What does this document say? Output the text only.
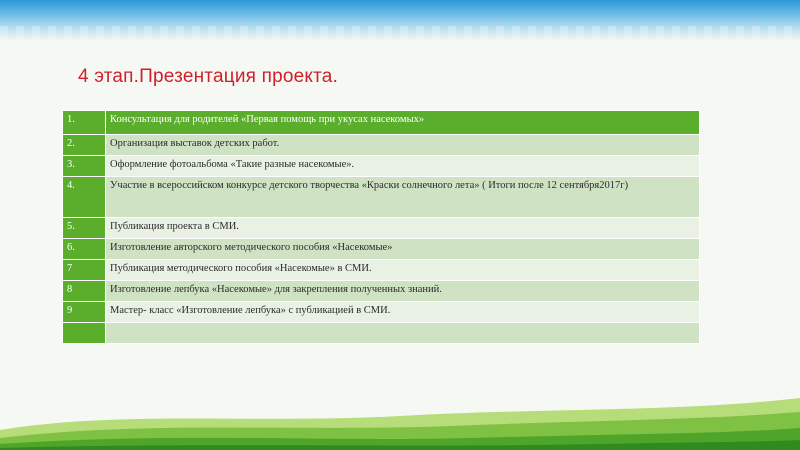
4 этап.Презентация проекта.
1.	Консультация для родителей «Первая помощь при укусах насекомых»
2.	Организация выставок детских работ.
3.	Оформление фотоальбома «Такие разные насекомые».
4.	Участие в всероссийском конкурсе детского творчества «Краски солнечного лета» ( Итоги после 12 сентября2017г)
5.	Публикация проекта в СМИ.
6.	Изготовление авторского методического пособия «Насекомые»
7	Публикация методического пособия «Насекомые» в СМИ.
8	Изготовление лепбука «Насекомые» для закрепления полученных знаний.
9	Мастер- класс «Изготовление лепбука» с публикацией в СМИ.
